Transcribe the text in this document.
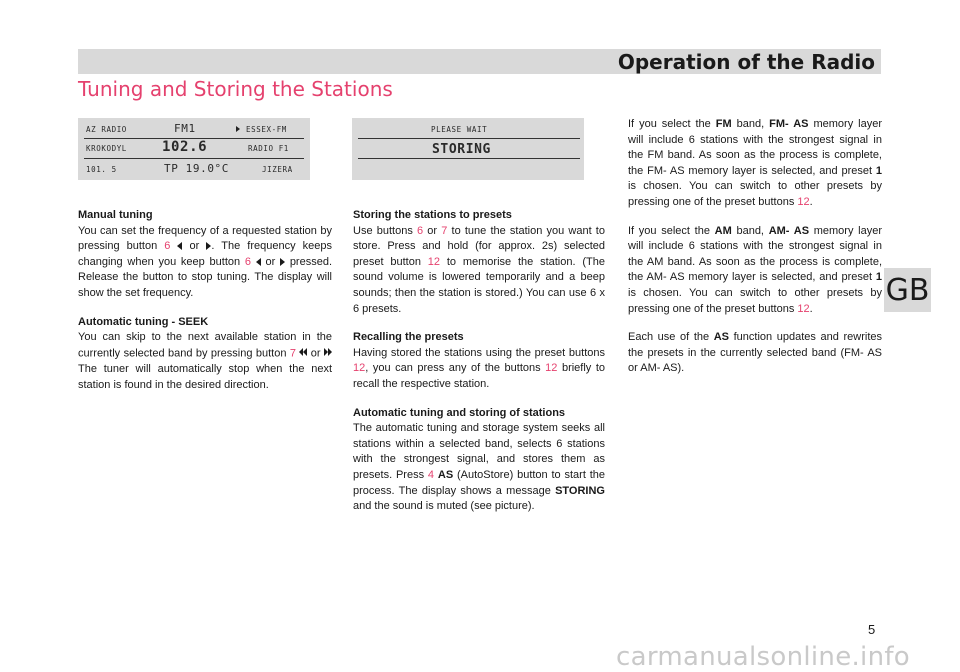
Operation of the Radio
Tuning and Storing the Stations
GB
AZ RADIO	FM1	ESSEX-FM
KROKODYL	102.6	RADIO F1
101. 5	TP 19.0°C	JIZERA
PLEASE WAIT
STORING
Manual tuning

You can set the frequency of a requested station by pressing button 6  or . The frequency keeps changing when you keep button 6  or  pressed. Release the button to stop tuning. The display will show the set frequency.

Automatic tuning - SEEK

You can skip to the next available station in the currently selected band by pressing button 7  or  The tuner will automatically stop when the next station is found in the desired direction.

Storing the stations to presets

Use buttons 6 or 7 to tune the station you want to store. Press and hold (for approx. 2s) selected preset button 12 to memorise the station. (The sound volume is lowered temporarily and a beep sounds; then the station is stored.) You can use 6 x 6 presets.

Recalling the presets

Having stored the stations using the preset buttons 12, you can press any of the buttons 12 briefly to recall the respective station.

Automatic tuning and storing of stations

The automatic tuning and storage system seeks all stations within a selected band, selects 6 stations with the strongest signal, and stores them as presets. Press 4 AS (AutoStore) button to start the process. The display shows a message STORING and the sound is muted (see picture).

If you select the FM band, FM- AS memory layer will include 6 stations with the strongest signal in the FM band. As soon as the process is complete, the FM- AS memory layer is selected, and preset 1 is chosen. You can switch to other presets by pressing one of the preset buttons 12.

If you select the AM band, AM- AS memory layer will include 6 stations with the strongest signal in the AM band. As soon as the process is complete, the AM- AS memory layer is selected, and preset 1 is chosen. You can switch to other presets by pressing one of the preset buttons 12.

Each use of the AS function updates and rewrites the presets in the currently selected band (FM- AS or AM- AS).

5
carmanualsonline.info
